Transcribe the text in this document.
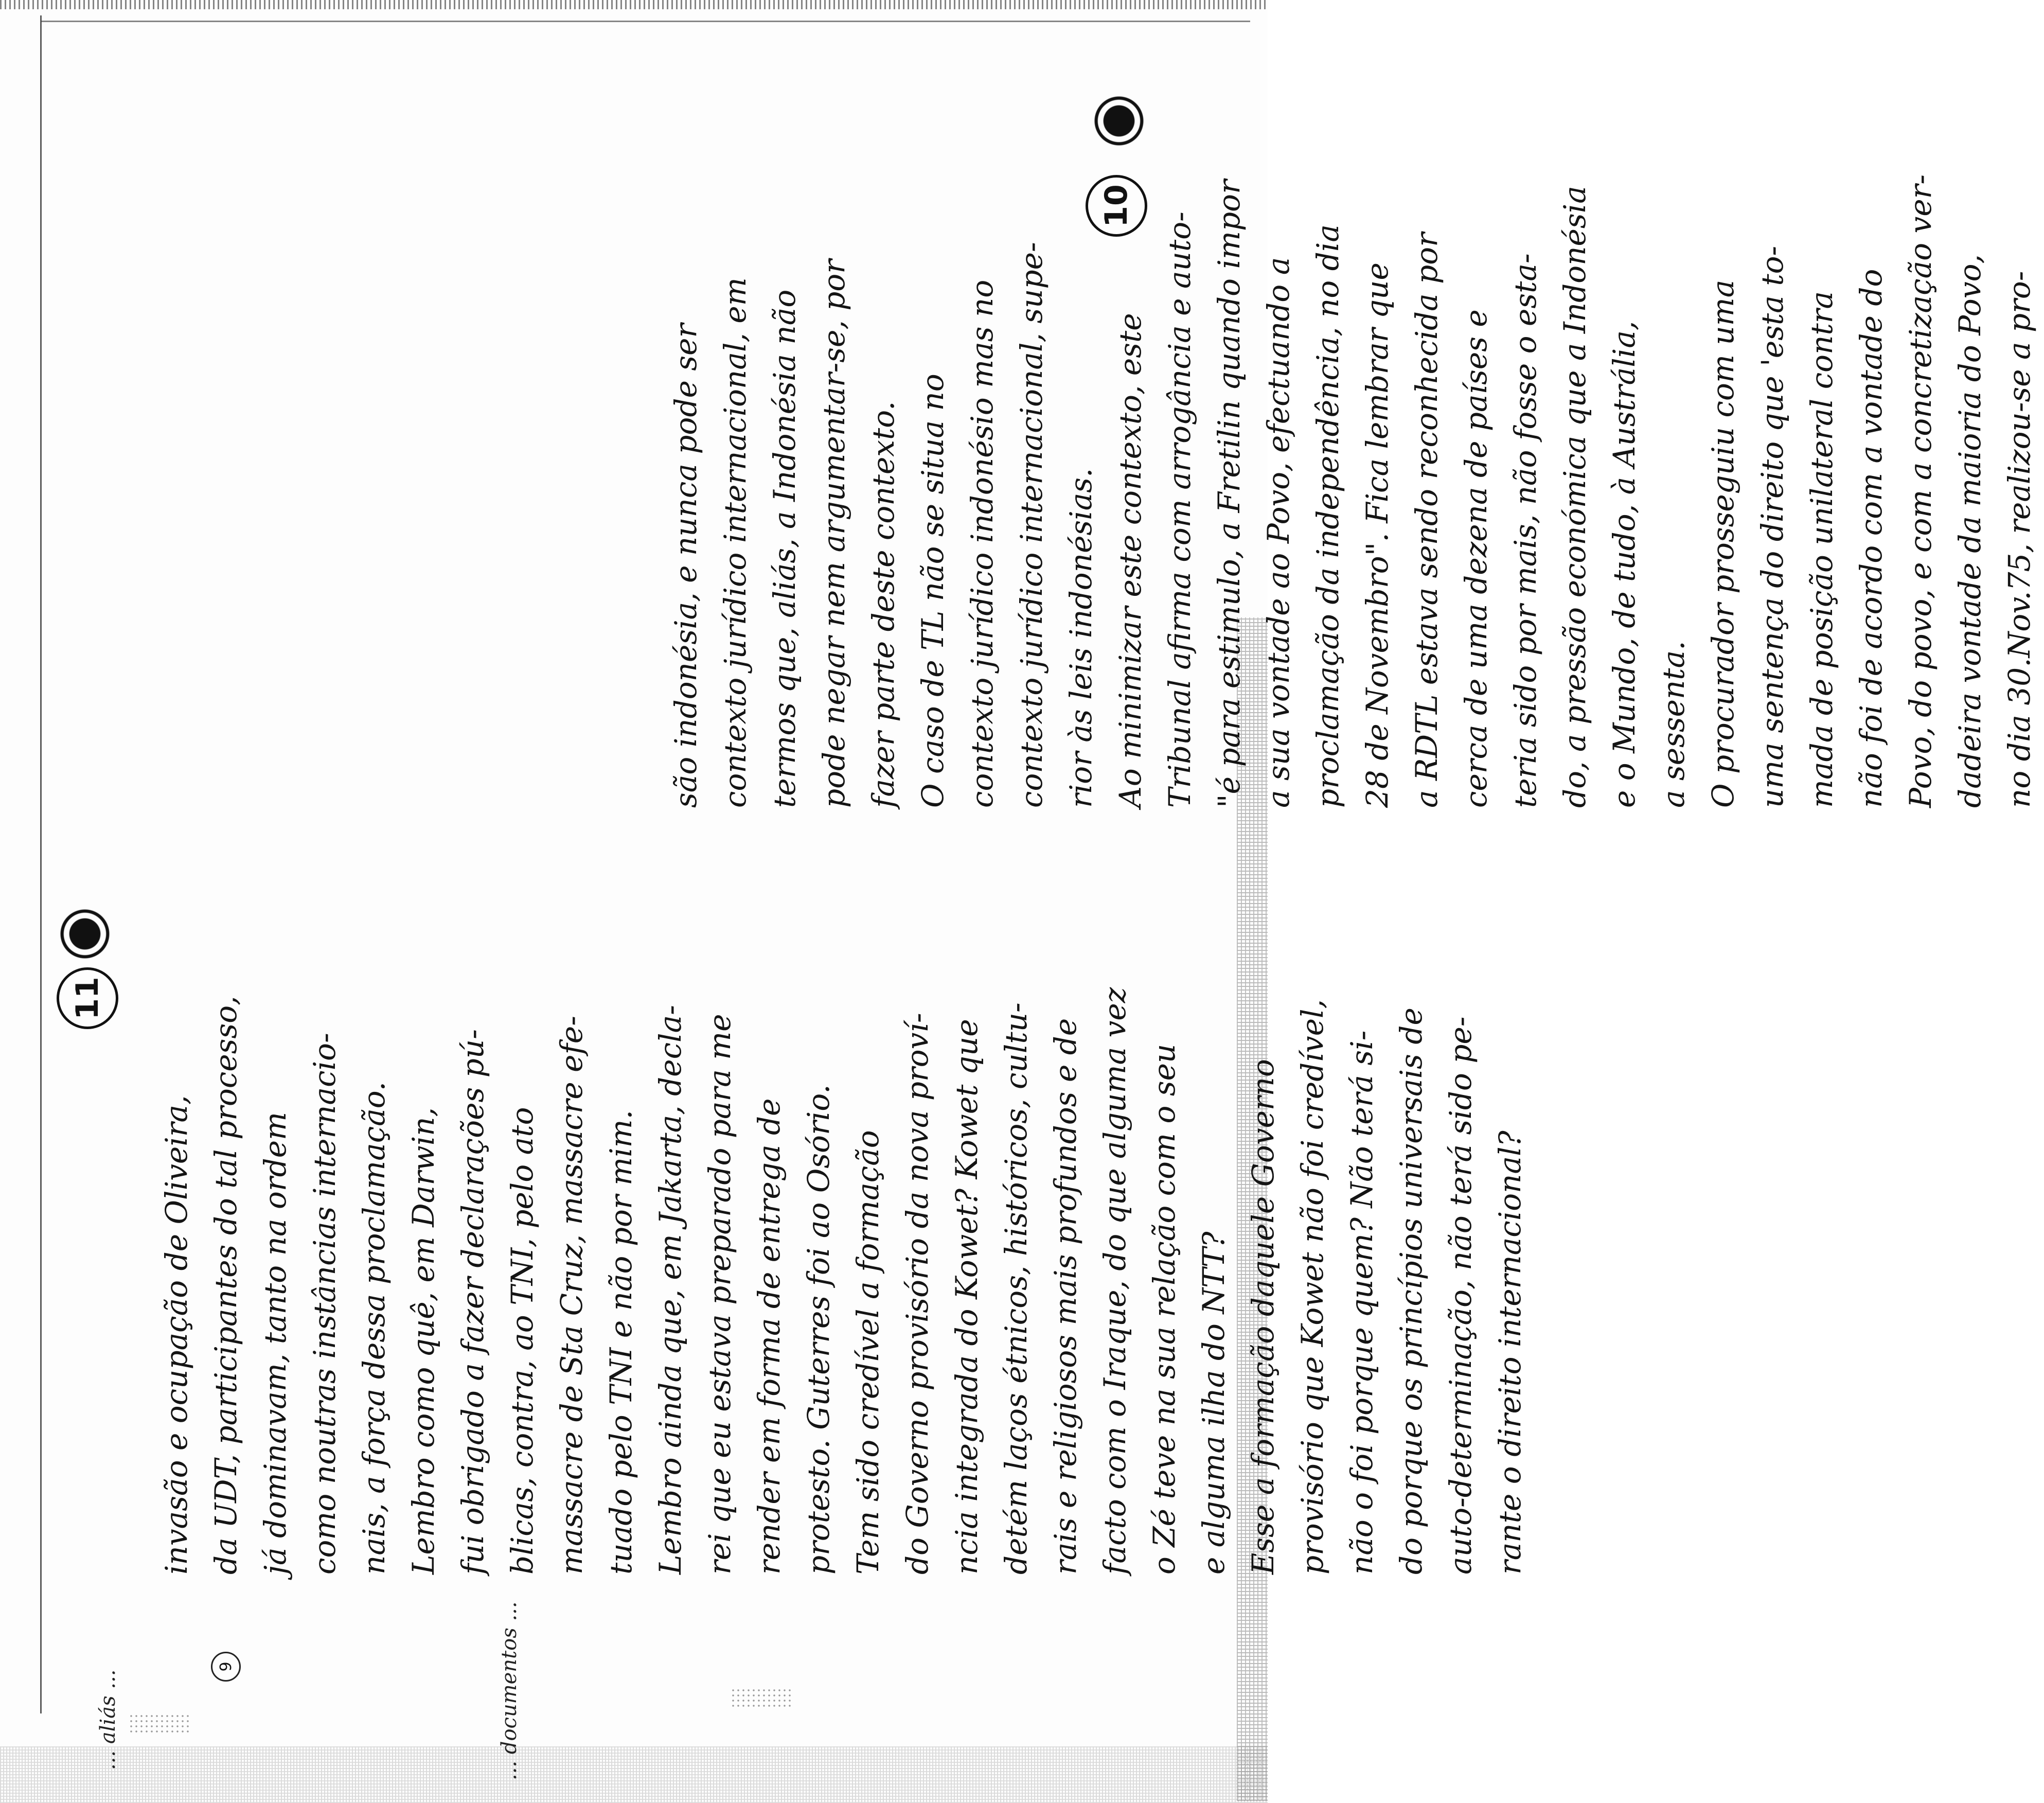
invasão e ocupação de Oliveira, da UDT, participantes do tal processo, já dominavam, tanto na ordem como noutras instâncias internacio- nais, a força dessa proclamação. Lembro como quê, em Darwin, fui obrigado a fazer declarações pú- blicas, contra, ao TNI, pelo ato massacre de Sta Cruz, massacre efe- tuado pelo TNI e não por mim. Lembro ainda que, em Jakarta, decla- rei que eu estava preparado para me render em forma de entrega de protesto. Guterres foi ao Osório. Tem sido credível a formação do Governo provisório da nova proví- ncia integrada do Kowet? Kowet que detém laços étnicos, históricos, cultu- rais e religiosos mais profundos e de facto com o Iraque, do que alguma vez o Zé teve na sua relação com o seu e alguma ilha do NTT? Esse a formação daquele Governo provisório que Kowet não foi credível, não o foi porque quem? Não terá si- do porque os princípios universais de auto-determinação, não terá sido pe- rante o direito internacional?

são indonésia, e nunca pode ser contexto jurídico internacional, em termos que, aliás, a Indonésia não pode negar nem argumentar-se, por fazer parte deste contexto. O caso de TL não se situa no contexto jurídico indonésio mas no contexto jurídico internacional, supe- rior às leis indonésias. Ao minimizar este contexto, este Tribunal afirma com arrogância e auto- "é para estimulo, a Fretilin quando impor a sua vontade ao Povo, efectuando a proclamação da independência, no dia 28 de Novembro". Fica lembrar que a RDTL estava sendo reconhecida por cerca de uma dezena de países e teria sido por mais, não fosse o esta- do, a pressão económica que a Indonésia e o Mundo, de tudo, à Austrália, a sessenta. O procurador prosseguiu com uma uma sentença do direito que 'esta to- mada de posição unilateral contra não foi de acordo com a vontade do Povo, do povo, e com a concretização ver- dadeira vontade da maioria do Povo, no dia 30.Nov.75, realizou-se a pro-

11
10
9
... aliás ...	... documentos ...
